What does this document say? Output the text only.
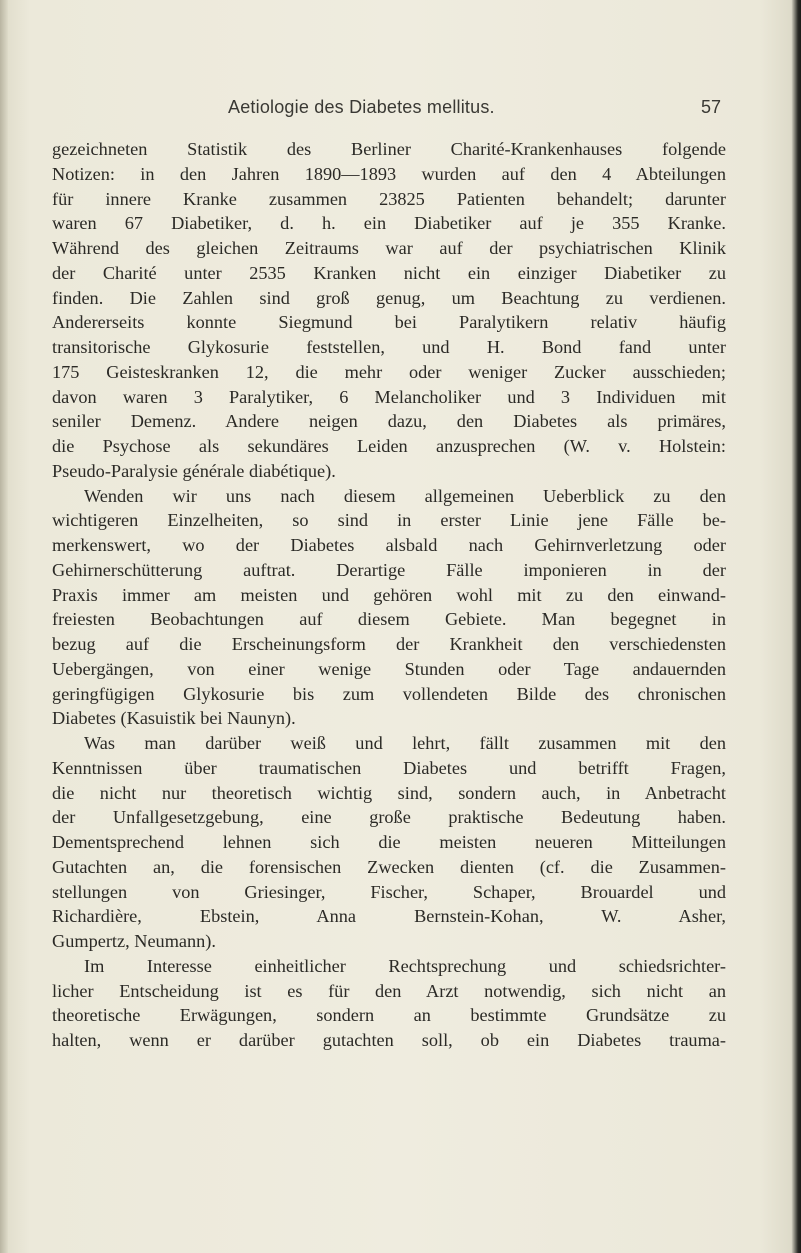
Aetiologie des Diabetes mellitus.	57

gezeichneten Statistik des Berliner Charité-Krankenhauses folgende

Notizen: in den Jahren 1890—1893 wurden auf den 4 Abteilungen

für innere Kranke zusammen 23825 Patienten behandelt; darunter

waren 67 Diabetiker, d. h. ein Diabetiker auf je 355 Kranke.

Während des gleichen Zeitraums war auf der psychiatrischen Klinik

der Charité unter 2535 Kranken nicht ein einziger Diabetiker zu

finden. Die Zahlen sind groß genug, um Beachtung zu verdienen.

Andererseits konnte Siegmund bei Paralytikern relativ häufig

transitorische Glykosurie feststellen, und H. Bond fand unter

175 Geisteskranken 12, die mehr oder weniger Zucker ausschieden;

davon waren 3 Paralytiker, 6 Melancholiker und 3 Individuen mit

seniler Demenz. Andere neigen dazu, den Diabetes als primäres,

die Psychose als sekundäres Leiden anzusprechen (W. v. Holstein:

Pseudo-Paralysie générale diabétique).

Wenden wir uns nach diesem allgemeinen Ueberblick zu den

wichtigeren Einzelheiten, so sind in erster Linie jene Fälle be-

merkenswert, wo der Diabetes alsbald nach Gehirnverletzung oder

Gehirnerschütterung auftrat. Derartige Fälle imponieren in der

Praxis immer am meisten und gehören wohl mit zu den einwand-

freiesten Beobachtungen auf diesem Gebiete. Man begegnet in

bezug auf die Erscheinungsform der Krankheit den verschiedensten

Uebergängen, von einer wenige Stunden oder Tage andauernden

geringfügigen Glykosurie bis zum vollendeten Bilde des chronischen

Diabetes (Kasuistik bei Naunyn).

Was man darüber weiß und lehrt, fällt zusammen mit den

Kenntnissen über traumatischen Diabetes und betrifft Fragen,

die nicht nur theoretisch wichtig sind, sondern auch, in Anbetracht

der Unfallgesetzgebung, eine große praktische Bedeutung haben.

Dementsprechend lehnen sich die meisten neueren Mitteilungen

Gutachten an, die forensischen Zwecken dienten (cf. die Zusammen-

stellungen von Griesinger, Fischer, Schaper, Brouardel und

Richardière, Ebstein, Anna Bernstein-Kohan, W. Asher,

Gumpertz, Neumann).

Im Interesse einheitlicher Rechtsprechung und schiedsrichter-

licher Entscheidung ist es für den Arzt notwendig, sich nicht an

theoretische Erwägungen, sondern an bestimmte Grundsätze zu

halten, wenn er darüber gutachten soll, ob ein Diabetes trauma-
